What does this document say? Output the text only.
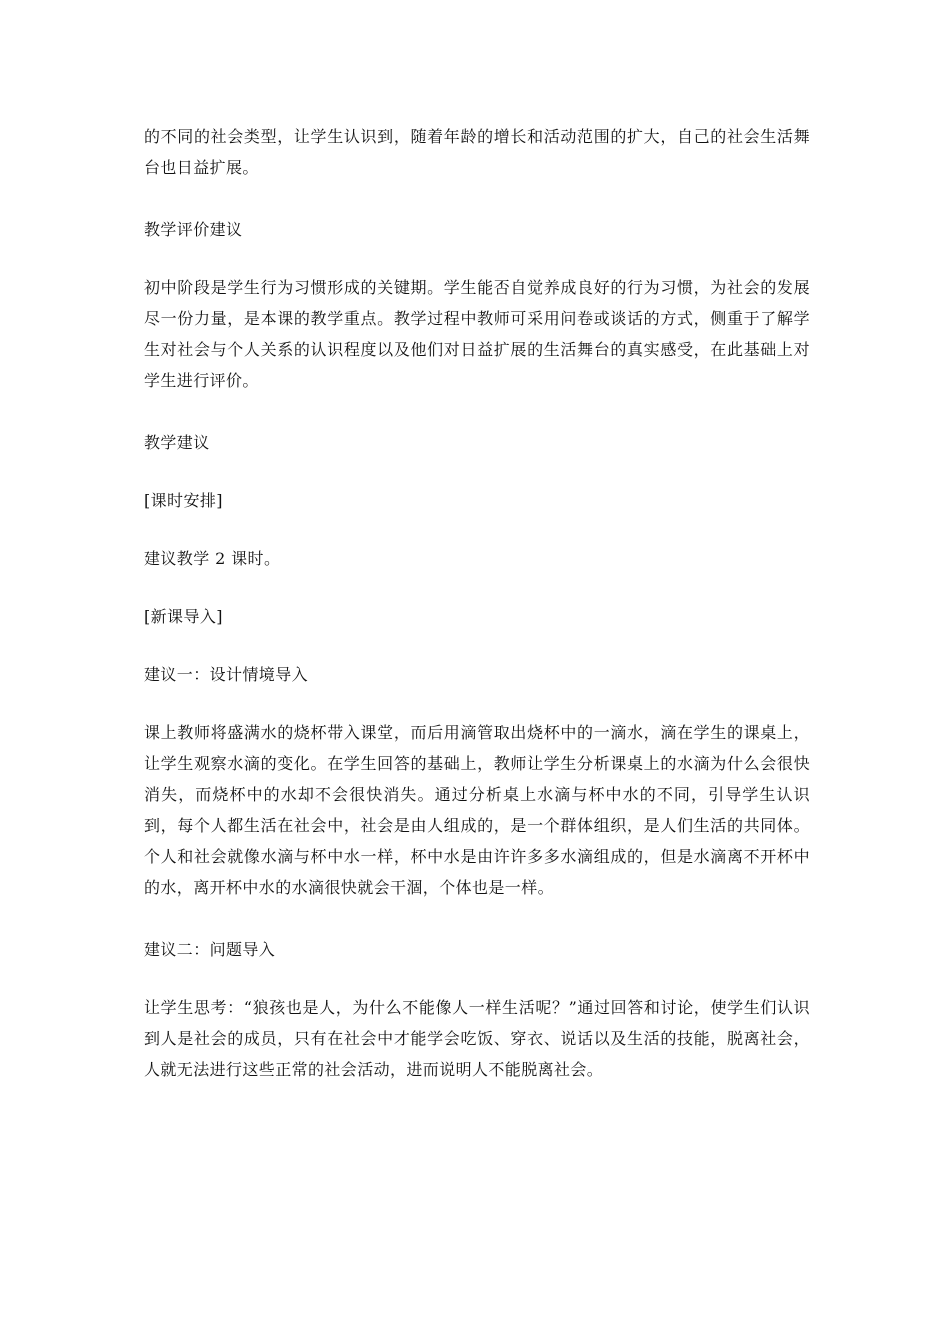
的不同的社会类型，让学生认识到，随着年龄的增长和活动范围的扩大，自己的社会生活舞台也日益扩展。

教学评价建议

初中阶段是学生行为习惯形成的关键期。学生能否自觉养成良好的行为习惯，为社会的发展尽一份力量，是本课的教学重点。教学过程中教师可采用问卷或谈话的方式，侧重于了解学生对社会与个人关系的认识程度以及他们对日益扩展的生活舞台的真实感受，在此基础上对学生进行评价。

教学建议

[课时安排]

建议教学 2 课时。

[新课导入]

建议一：设计情境导入

课上教师将盛满水的烧杯带入课堂，而后用滴管取出烧杯中的一滴水，滴在学生的课桌上，让学生观察水滴的变化。在学生回答的基础上，教师让学生分析课桌上的水滴为什么会很快消失，而烧杯中的水却不会很快消失。通过分析桌上水滴与杯中水的不同，引导学生认识到，每个人都生活在社会中，社会是由人组成的，是一个群体组织，是人们生活的共同体。个人和社会就像水滴与杯中水一样，杯中水是由许许多多水滴组成的，但是水滴离不开杯中的水，离开杯中水的水滴很快就会干涸，个体也是一样。

建议二：问题导入

让学生思考：“狼孩也是人，为什么不能像人一样生活呢？”通过回答和讨论，使学生们认识到人是社会的成员，只有在社会中才能学会吃饭、穿衣、说话以及生活的技能，脱离社会，人就无法进行这些正常的社会活动，进而说明人不能脱离社会。
